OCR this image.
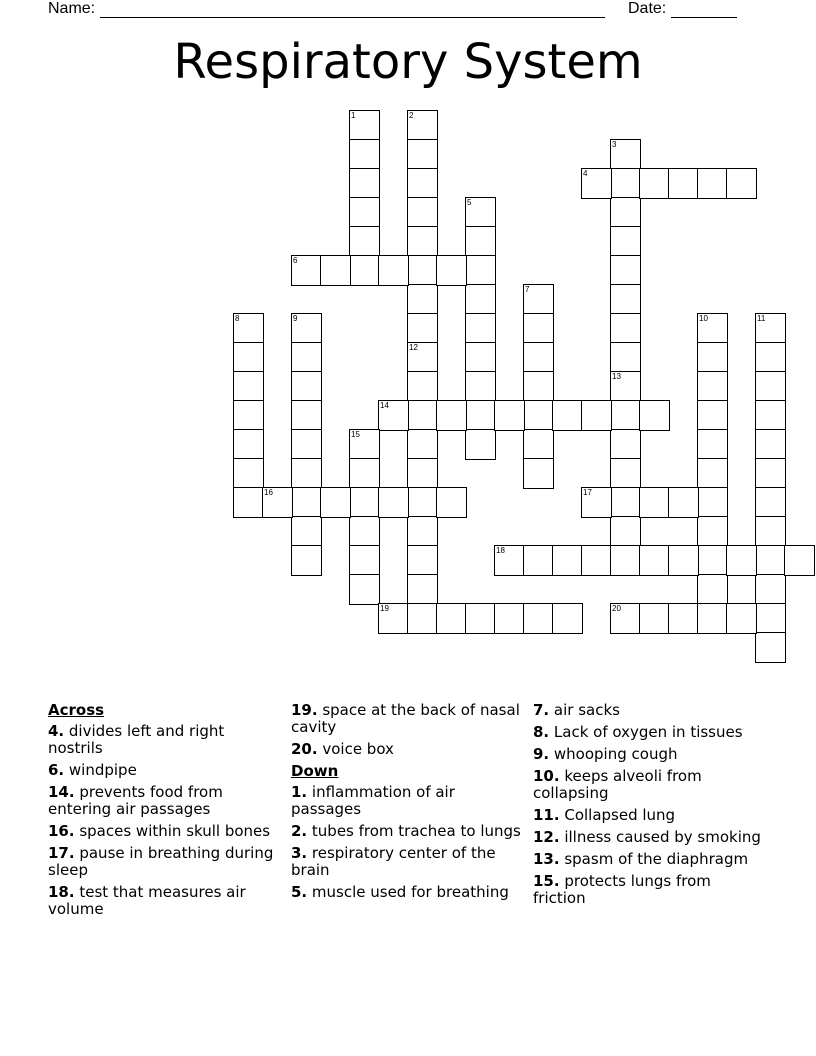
Name:	Date:
Respiratory System
1	2
3
4
5
6
7
8	9	10	11
12
13
14
15
16	17
18
19	20
Across
4. divides left and right nostrils
6. windpipe
14. prevents food from entering air passages
16. spaces within skull bones
17. pause in breathing during sleep
18. test that measures air volume
19. space at the back of nasal cavity
20. voice box
Down
1. inflammation of air passages
2. tubes from trachea to lungs
3. respiratory center of the brain
5. muscle used for breathing
7. air sacks
8. Lack of oxygen in tissues
9. whooping cough
10. keeps alveoli from collapsing
11. Collapsed lung
12. illness caused by smoking
13. spasm of the diaphragm
15. protects lungs from friction
